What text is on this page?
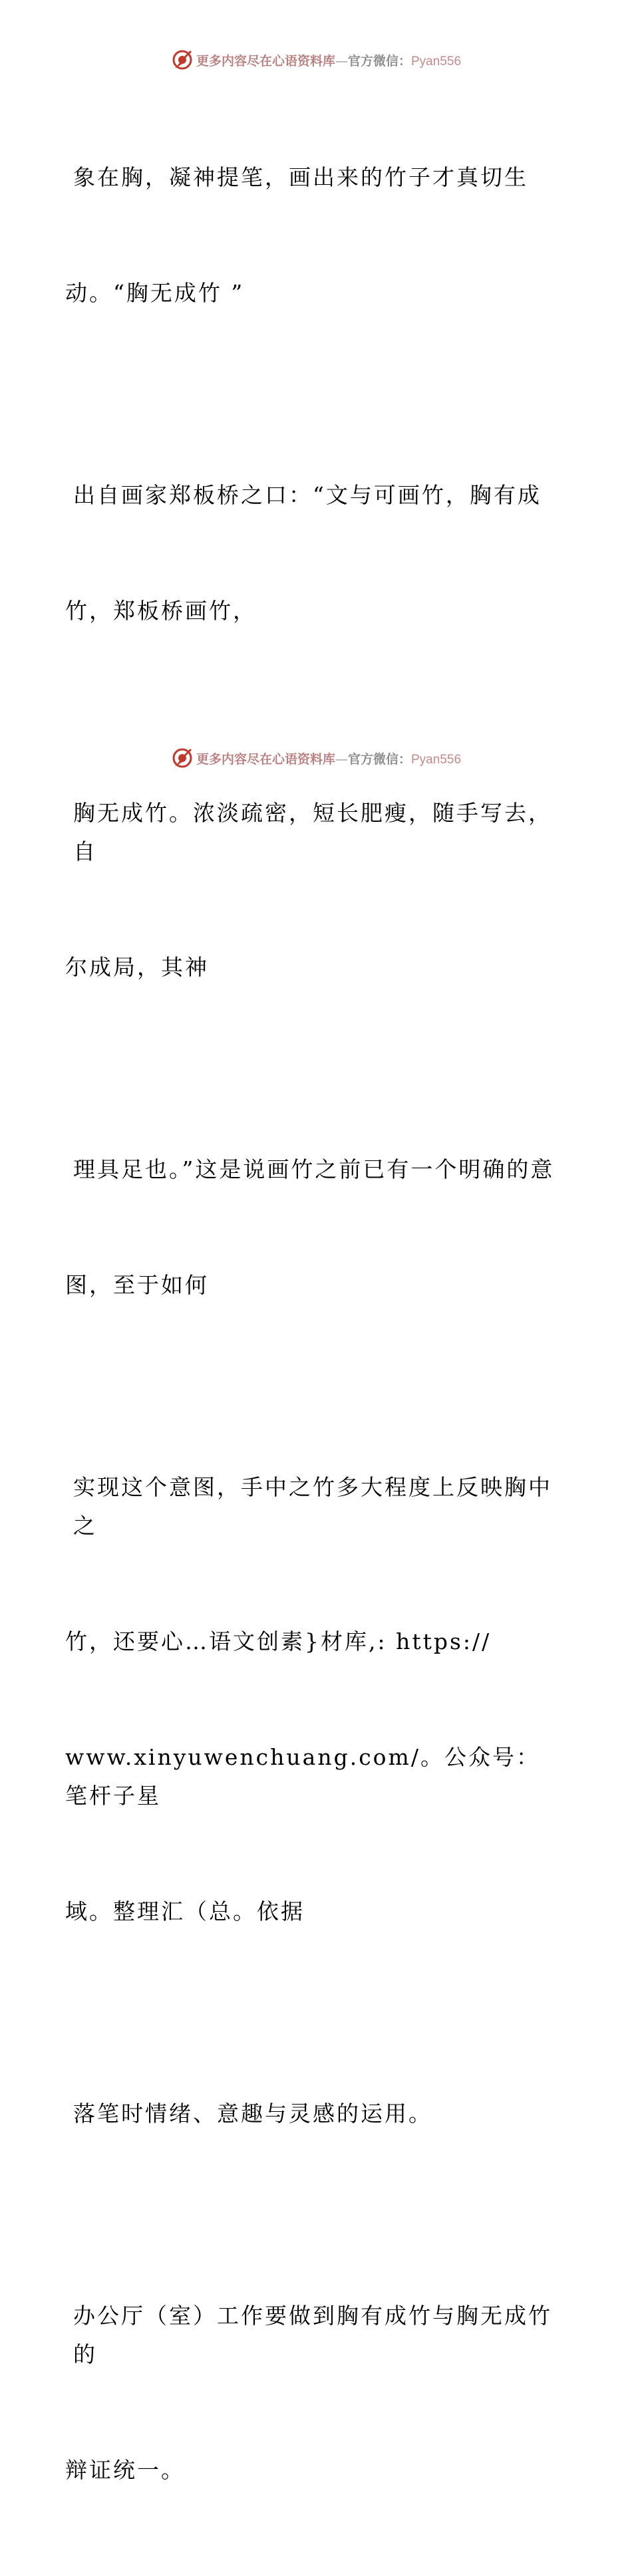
更多内容尽在心语资料库—官方微信：Pyan556

象在胸，凝神提笔，画出来的竹子才真切生

动。“胸无成竹 ”

出自画家郑板桥之口：“文与可画竹，胸有成

竹，郑板桥画竹，

胸无成竹。浓淡疏密，短长肥瘦，随手写去，自

尔成局，其神

理具足也。”这是说画竹之前已有一个明确的意

图，至于如何

实现这个意图，手中之竹多大程度上反映胸中之

竹，还要心…语文创素}材库,: https://

www.xinyuwenchuang.com/。公众号：笔杆子星

域。整理汇（总。依据

落笔时情绪、意趣与灵感的运用。

办公厅（室）工作要做到胸有成竹与胸无成竹的

辩证统一。

更多内容尽在心语资料库—官方微信：Pyan556
